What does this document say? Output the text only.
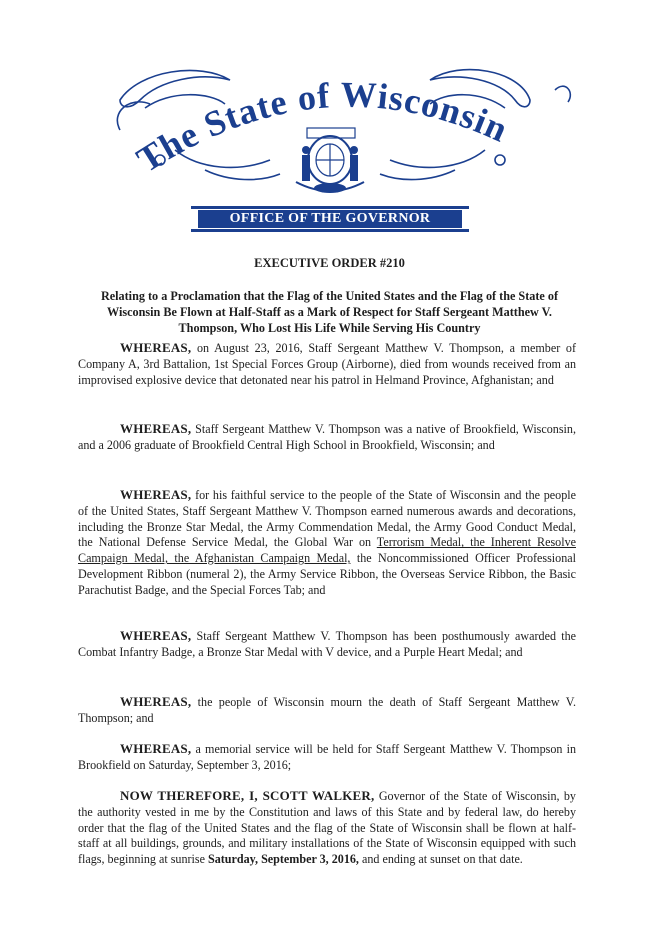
The State of Wisconsin
OFFICE OF THE GOVERNOR
EXECUTIVE ORDER #210
Relating to a Proclamation that the Flag of the United States and the Flag of the State of Wisconsin Be Flown at Half-Staff as a Mark of Respect for Staff Sergeant Matthew V. Thompson, Who Lost His Life While Serving His Country

WHEREAS, on August 23, 2016, Staff Sergeant Matthew V. Thompson, a member of Company A, 3rd Battalion, 1st Special Forces Group (Airborne), died from wounds received from an improvised explosive device that detonated near his patrol in Helmand Province, Afghanistan; and

WHEREAS, Staff Sergeant Matthew V. Thompson was a native of Brookfield, Wisconsin, and a 2006 graduate of Brookfield Central High School in Brookfield, Wisconsin; and

WHEREAS, for his faithful service to the people of the State of Wisconsin and the people of the United States, Staff Sergeant Matthew V. Thompson earned numerous awards and decorations, including the Bronze Star Medal, the Army Commendation Medal, the Army Good Conduct Medal, the National Defense Service Medal, the Global War on Terrorism Medal, the Inherent Resolve Campaign Medal, the Afghanistan Campaign Medal, the Noncommissioned Officer Professional Development Ribbon (numeral 2), the Army Service Ribbon, the Overseas Service Ribbon, the Basic Parachutist Badge, and the Special Forces Tab; and

WHEREAS, Staff Sergeant Matthew V. Thompson has been posthumously awarded the Combat Infantry Badge, a Bronze Star Medal with V device, and a Purple Heart Medal; and

WHEREAS, the people of Wisconsin mourn the death of Staff Sergeant Matthew V. Thompson; and

WHEREAS, a memorial service will be held for Staff Sergeant Matthew V. Thompson in Brookfield on Saturday, September 3, 2016;

NOW THEREFORE, I, SCOTT WALKER, Governor of the State of Wisconsin, by the authority vested in me by the Constitution and laws of this State and by federal law, do hereby order that the flag of the United States and the flag of the State of Wisconsin shall be flown at half-staff at all buildings, grounds, and military installations of the State of Wisconsin equipped with such flags, beginning at sunrise Saturday, September 3, 2016, and ending at sunset on that date.
